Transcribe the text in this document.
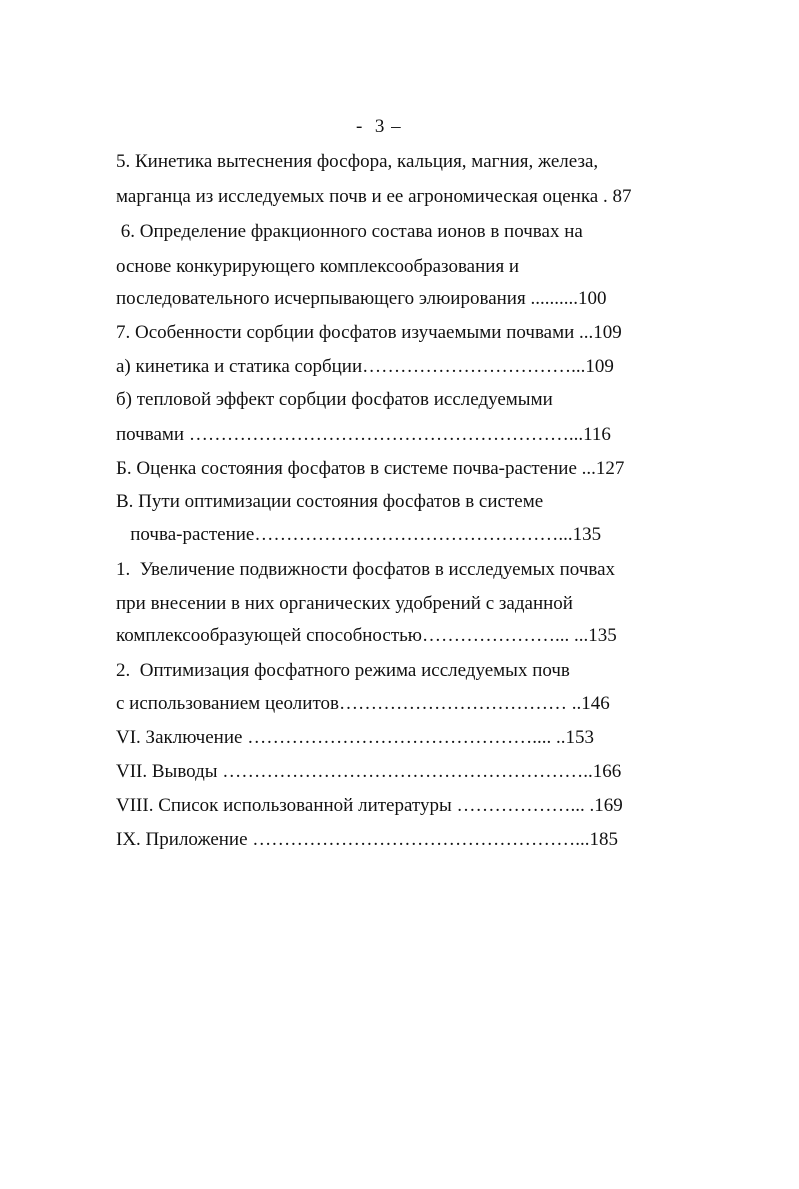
-  3 –
5. Кинетика вытеснения фосфора, кальция, магния, железа,
марганца из исследуемых почв и ее агрономическая оценка . 87
6. Определение фракционного состава ионов в почвах на
основе конкурирующего комплексообразования и
последовательного исчерпывающего элюирования ..........100
7. Особенности сорбции фосфатов изучаемыми почвами ...109
а) кинетика и статика сорбции……………………………...109
б) тепловой эффект сорбции фосфатов исследуемыми
почвами ……………………………………………………...116
Б. Оценка состояния фосфатов в системе почва-растение ...127
В. Пути оптимизации состояния фосфатов в системе
почва-растение…………………………………………...135
1.  Увеличение подвижности фосфатов в исследуемых почвах
при внесении в них органических удобрений с заданной
комплексообразующей способностью…………………... ...135
2.  Оптимизация фосфатного режима исследуемых почв
с использованием цеолитов……………………………… ..146
VI. Заключение ……………………………………….... ..153
VII. Выводы …………………………………………………..166
VIII. Список использованной литературы ………………... .169
IX. Приложение ……………………………………………...185
